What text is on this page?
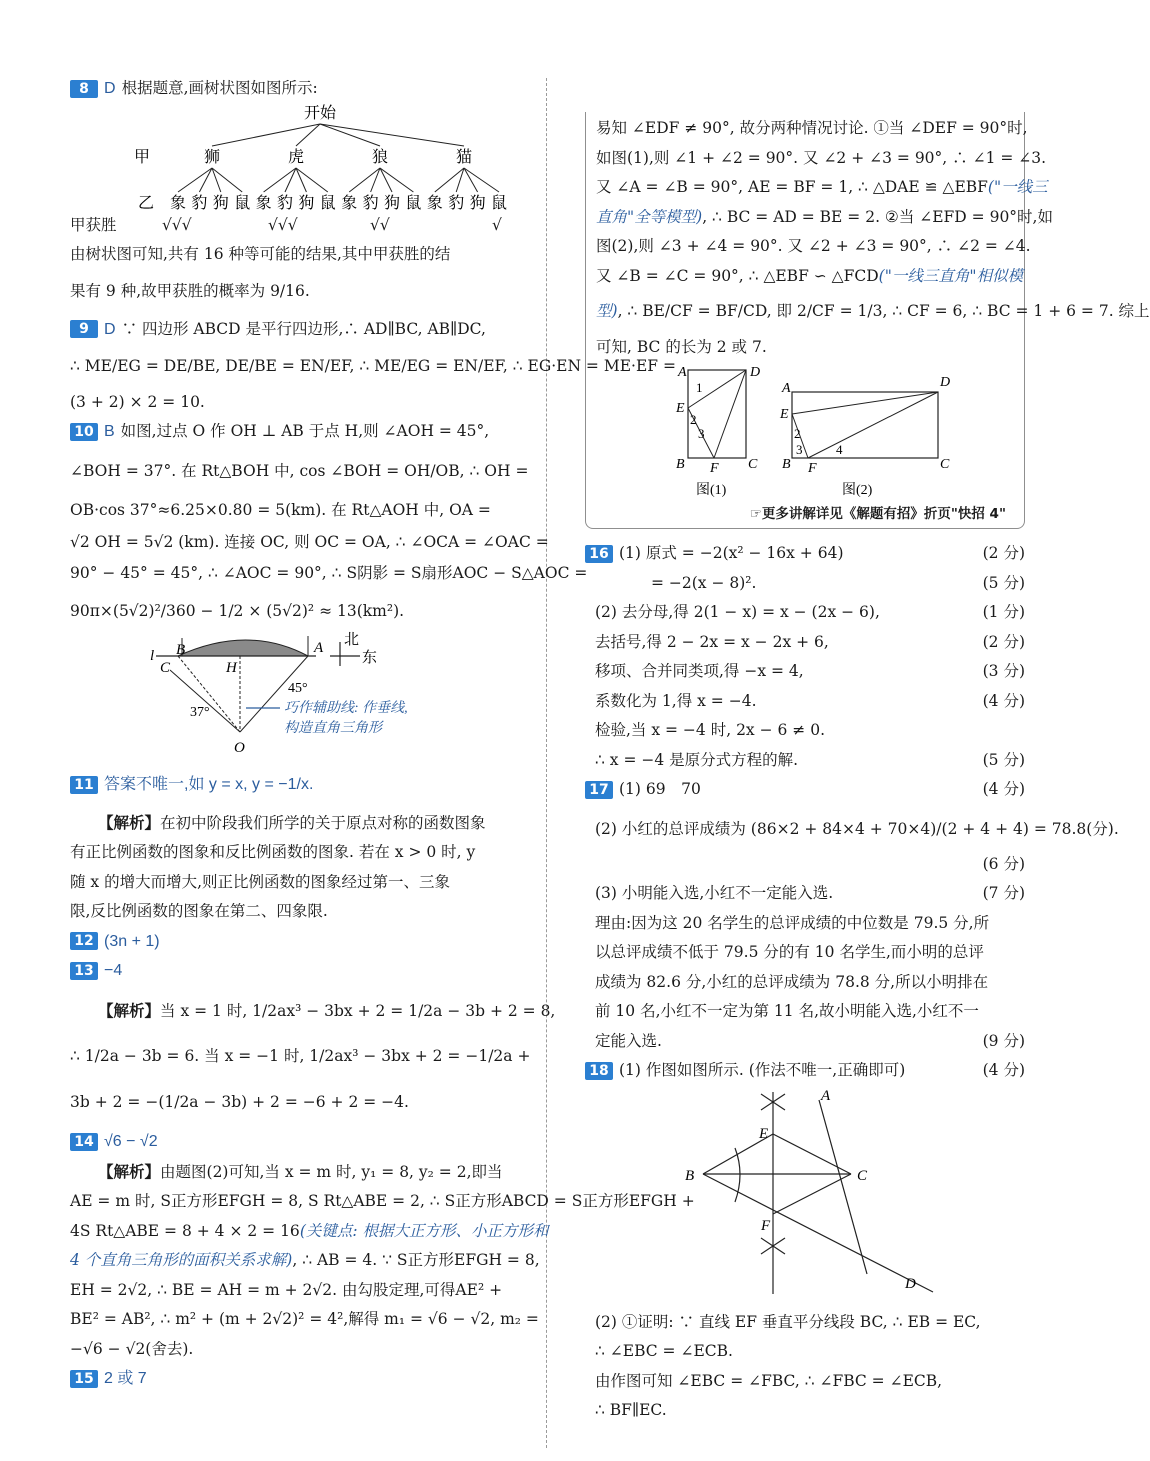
8 D 根据题意,画树状图如图所示:
开始
甲
乙
狮	虎	狼	猫
象 豹 狗 鼠 象 豹 狗 鼠 象 豹 狗 鼠 象 豹 狗 鼠
甲获胜	√√√	√√√	√√	√
由树状图可知,共有 16 种等可能的结果,其中甲获胜的结
果有 9 种,故甲获胜的概率为 9/16.
9 D ∵ 四边形 ABCD 是平行四边形,∴ AD∥BC, AB∥DC,
∴ ME/EG = DE/BE, DE/BE = EN/EF, ∴ ME/EG = EN/EF, ∴ EG·EN = ME·EF =
(3 + 2) × 2 = 10.
10 B 如图,过点 O 作 OH ⊥ AB 于点 H,则 ∠AOH = 45°,
∠BOH = 37°. 在 Rt△BOH 中, cos ∠BOH = OH/OB, ∴ OH =
OB·cos 37°≈6.25×0.80 = 5(km). 在 Rt△AOH 中, OA =
√2 OH = 5√2 (km). 连接 OC, 则 OC = OA, ∴ ∠OCA = ∠OAC =
90° − 45° = 45°, ∴ ∠AOC = 90°, ∴ S阴影 = S扇形AOC − S△AOC =
90π×(5√2)²/360 − 1/2 × (5√2)² ≈ 13(km²).
l B
C	H
A
O
37°
45°
北
东
巧作辅助线: 作垂线,
构造直角三角形
11 答案不唯一,如 y = x, y = −1/x.
【解析】在初中阶段我们所学的关于原点对称的函数图象
有正比例函数的图象和反比例函数的图象. 若在 x > 0 时, y
随 x 的增大而增大,则正比例函数的图象经过第一、三象
限,反比例函数的图象在第二、四象限.
12 (3n + 1)
13 −4
【解析】当 x = 1 时, 1/2ax³ − 3bx + 2 = 1/2a − 3b + 2 = 8,
∴ 1/2a − 3b = 6. 当 x = −1 时, 1/2ax³ − 3bx + 2 = −1/2a +
3b + 2 = −(1/2a − 3b) + 2 = −6 + 2 = −4.
14 √6 − √2
【解析】由题图(2)可知,当 x = m 时, y₁ = 8, y₂ = 2,即当
AE = m 时, S正方形EFGH = 8, S Rt△ABE = 2, ∴ S正方形ABCD = S正方形EFGH +
4S Rt△ABE = 8 + 4 × 2 = 16(关键点: 根据大正方形、小正方形和
4 个直角三角形的面积关系求解), ∴ AB = 4. ∵ S正方形EFGH = 8,
EH = 2√2, ∴ BE = AH = m + 2√2. 由勾股定理,可得AE² +
BE² = AB², ∴ m² + (m + 2√2)² = 4²,解得 m₁ = √6 − √2, m₂ =
−√6 − √2(舍去).
15 2 或 7
易知 ∠EDF ≠ 90°, 故分两种情况讨论. ①当 ∠DEF = 90°时,
如图(1),则 ∠1 + ∠2 = 90°. 又 ∠2 + ∠3 = 90°, ∴ ∠1 = ∠3.
又 ∠A = ∠B = 90°, AE = BF = 1, ∴ △DAE ≌ △EBF("一线三
直角"全等模型), ∴ BC = AD = BE = 2. ②当 ∠EFD = 90°时,如
图(2),则 ∠3 + ∠4 = 90°. 又 ∠2 + ∠3 = 90°, ∴ ∠2 = ∠4.
又 ∠B = ∠C = 90°, ∴ △EBF ∽ △FCD("一线三直角"相似模
型), ∴ BE/CF = BF/CD, 即 2/CF = 1/3, ∴ CF = 6, ∴ BC = 1 + 6 = 7. 综上
可知, BC 的长为 2 或 7.
A	D
E
B F C
1
2
3
图(1)
A	D
E
B F	C
2
3	4
图(2)
☞更多讲解详见《解题有招》折页"快招 4"
16 (1) 原式 = −2(x² − 16x + 64)	(2 分)
= −2(x − 8)².	(5 分)
(2) 去分母,得 2(1 − x) = x − (2x − 6),	(1 分)
去括号,得 2 − 2x = x − 2x + 6,	(2 分)
移项、合并同类项,得 −x = 4,	(3 分)
系数化为 1,得 x = −4.	(4 分)
检验,当 x = −4 时, 2x − 6 ≠ 0.
∴ x = −4 是原分式方程的解.	(5 分)
17 (1) 69　70	(4 分)
(2) 小红的总评成绩为 (86×2 + 84×4 + 70×4)/(2 + 4 + 4) = 78.8(分).
(6 分)
(3) 小明能入选,小红不一定能入选.	(7 分)
理由:因为这 20 名学生的总评成绩的中位数是 79.5 分,所
以总评成绩不低于 79.5 分的有 10 名学生,而小明的总评
成绩为 82.6 分,小红的总评成绩为 78.8 分,所以小明排在
前 10 名,小红不一定为第 11 名,故小明能入选,小红不一
定能入选.	(9 分)
18 (1) 作图如图所示. (作法不唯一,正确即可)	(4 分)
A
E
B	C
F
D
(2) ①证明: ∵ 直线 EF 垂直平分线段 BC, ∴ EB = EC,
∴ ∠EBC = ∠ECB.
由作图可知 ∠EBC = ∠FBC, ∴ ∠FBC = ∠ECB,
∴ BF∥EC.
